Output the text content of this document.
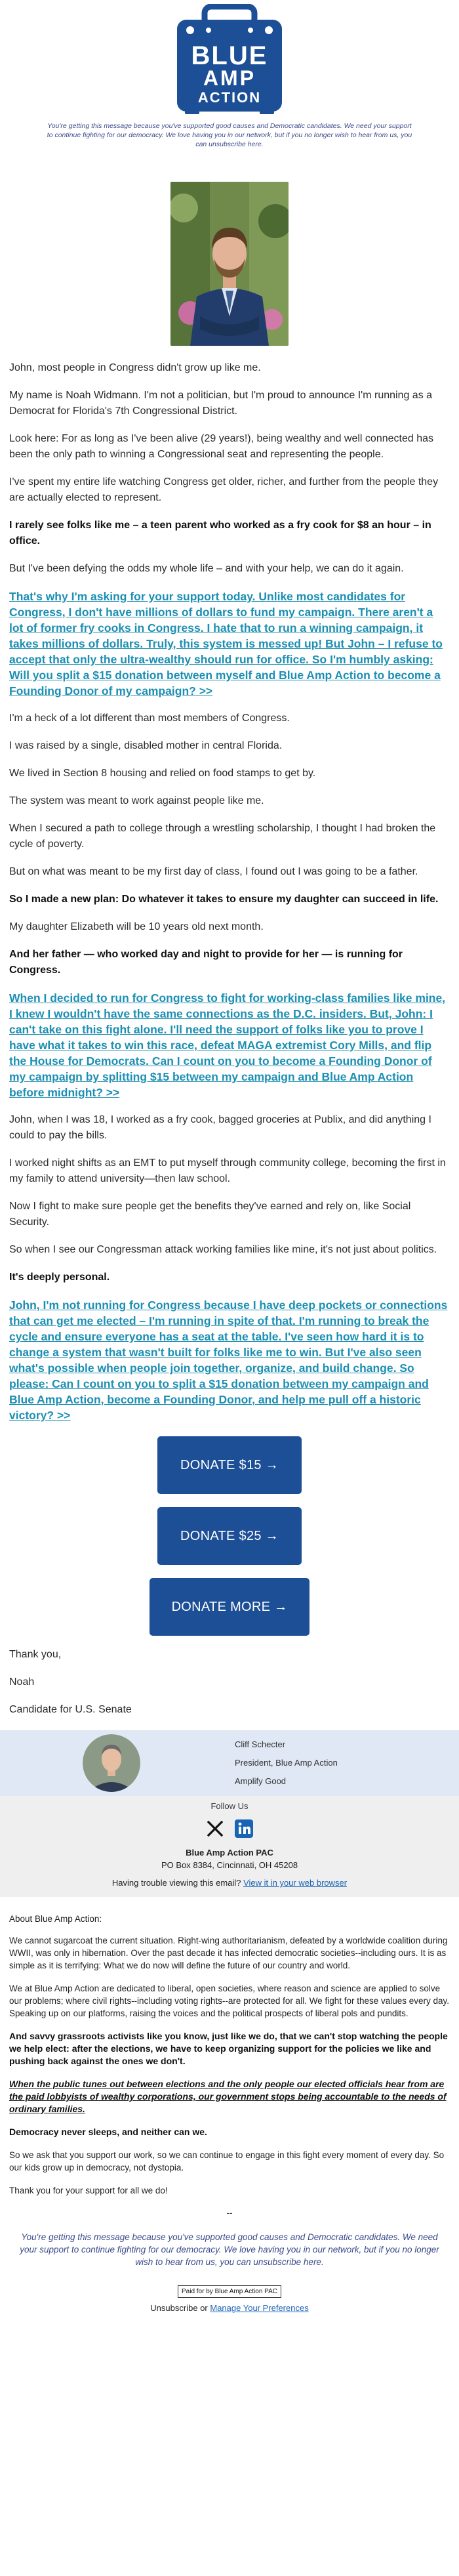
BLUE
AMP
ACTION
You're getting this message because you've supported good causes and Democratic candidates. We need your support to continue fighting for our democracy. We love having you in our network, but if you no longer wish to hear from us, you can unsubscribe here.

John, most people in Congress didn't grow up like me.

My name is Noah Widmann. I'm not a politician, but I'm proud to announce I'm running as a Democrat for Florida's 7th Congressional District.

Look here: For as long as I've been alive (29 years!), being wealthy and well connected has been the only path to winning a Congressional seat and representing the people.

I've spent my entire life watching Congress get older, richer, and further from the people they are actually elected to represent.

I rarely see folks like me – a teen parent who worked as a fry cook for $8 an hour – in office.

But I've been defying the odds my whole life – and with your help, we can do it again.

That's why I'm asking for your support today. Unlike most candidates for Congress, I don't have millions of dollars to fund my campaign. There aren't a lot of former fry cooks in Congress. I hate that to run a winning campaign, it takes millions of dollars. Truly, this system is messed up! But John – I refuse to accept that only the ultra-wealthy should run for office. So I'm humbly asking: Will you split a $15 donation between myself and Blue Amp Action to become a Founding Donor of my campaign? >>

I'm a heck of a lot different than most members of Congress.

I was raised by a single, disabled mother in central Florida.

We lived in Section 8 housing and relied on food stamps to get by.

The system was meant to work against people like me.

When I secured a path to college through a wrestling scholarship, I thought I had broken the cycle of poverty.

But on what was meant to be my first day of class, I found out I was going to be a father.

So I made a new plan: Do whatever it takes to ensure my daughter can succeed in life.

My daughter Elizabeth will be 10 years old next month.

And her father — who worked day and night to provide for her — is running for Congress.

When I decided to run for Congress to fight for working-class families like mine, I knew I wouldn't have the same connections as the D.C. insiders. But, John: I can't take on this fight alone. I'll need the support of folks like you to prove I have what it takes to win this race, defeat MAGA extremist Cory Mills, and flip the House for Democrats. Can I count on you to become a Founding Donor of my campaign by splitting $15 between my campaign and Blue Amp Action before midnight? >>

John, when I was 18, I worked as a fry cook, bagged groceries at Publix, and did anything I could to pay the bills.

I worked night shifts as an EMT to put myself through community college, becoming the first in my family to attend university—then law school.

Now I fight to make sure people get the benefits they've earned and rely on, like Social Security.

So when I see our Congressman attack working families like mine, it's not just about politics.

It's deeply personal.

John, I'm not running for Congress because I have deep pockets or connections that can get me elected – I'm running in spite of that. I'm running to break the cycle and ensure everyone has a seat at the table. I've seen how hard it is to change a system that wasn't built for folks like me to win. But I've also seen what's possible when people join together, organize, and build change. So please: Can I count on you to split a $15 donation between my campaign and Blue Amp Action, become a Founding Donor, and help me pull off a historic victory? >>
DONATE $15 →
DONATE $25 →
DONATE MORE →

Thank you,

Noah

Candidate for U.S. Senate

Cliff Schecter
President, Blue Amp Action
Amplify Good
Follow Us
Blue Amp Action PAC
PO Box 8384, Cincinnati, OH 45208
Having trouble viewing this email? View it in your web browser

About Blue Amp Action:

We cannot sugarcoat the current situation. Right-wing authoritarianism, defeated by a worldwide coalition during WWII, was only in hibernation. Over the past decade it has infected democratic societies--including ours. It is as simple as it is terrifying: What we do now will define the future of our country and world.

We at Blue Amp Action are dedicated to liberal, open societies, where reason and science are applied to solve our problems; where civil rights--including voting rights--are protected for all. We fight for these values every day. Speaking up on our platforms, raising the voices and the political prospects of liberal pols and pundits.

And savvy grassroots activists like you know, just like we do, that we can't stop watching the people we help elect: after the elections, we have to keep organizing support for the policies we like and pushing back against the ones we don't.

When the public tunes out between elections and the only people our elected officials hear from are the paid lobbyists of wealthy corporations, our government stops being accountable to the needs of ordinary families.

Democracy never sleeps, and neither can we.

So we ask that you support our work, so we can continue to engage in this fight every moment of every day. So our kids grow up in democracy, not dystopia.

Thank you for your support for all we do!

--
You're getting this message because you've supported good causes and Democratic candidates. We need your support to continue fighting for our democracy. We love having you in our network, but if you no longer wish to hear from us, you can unsubscribe here.
Paid for by Blue Amp Action PAC
Unsubscribe or Manage Your Preferences
